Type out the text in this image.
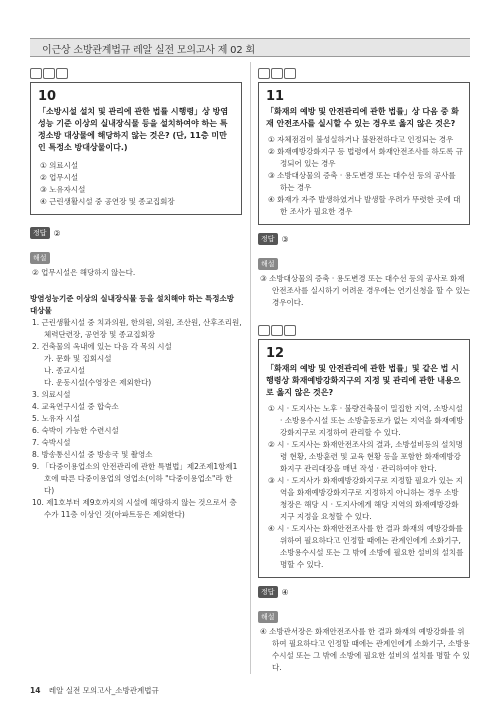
이근상 소방관계법규 레알 실전 모의고사 제 02 회
10
「소방시설 설치 및 관리에 관한 법률 시행령」상 방염성능 기준 이상의 실내장식물 등을 설치하여야 하는 특정소방 대상물에 해당하지 않는 것은? (단, 11층 미만인 특정소 방대상물이다.)
① 의료시설
② 업무시설
③ 노유자시설
④ 근린생활시설 중 공연장 및 종교집회장
정답 ②
해설
② 업무시설은 해당하지 않는다.
방염성능기준 이상의 실내장식물 등을 설치해야 하는 특정소방 대상물
1. 근린생활시설 중 치과의원, 한의원, 의원, 조산원, 산후조리원, 체력단련장, 공연장 및 종교집회장
2. 건축물의 옥내에 있는 다음 각 목의 시설
가. 문화 및 집회시설
나. 종교시설
다. 운동시설(수영장은 제외한다)
3. 의료시설
4. 교육연구시설 중 합숙소
5. 노유자 시설
6. 숙박이 가능한 수련시설
7. 숙박시설
8. 방송통신시설 중 방송국 및 촬영소
9. 「다중이용업소의 안전관리에 관한 특별법」제2조제1항제1호에 따른 다중이용업의 영업소(이하 "다중이용업소"라 한다)
10. 제1호부터 제9호까지의 시설에 해당하지 않는 것으로서 층수가 11층 이상인 것(아파트등은 제외한다)
11
「화재의 예방 및 안전관리에 관한 법률」상 다음 중 화재 안전조사를 실시할 수 있는 경우로 옳지 않은 것은?
① 자체점검이 불성실하거나 불완전하다고 인정되는 경우
② 화재예방강화지구 등 법령에서 화재안전조사를 하도록 규정되어 있는 경우
③ 소방대상물의 증축 · 용도변경 또는 대수선 등의 공사를 하는 경우
④ 화재가 자주 발생하였거나 발생할 우려가 뚜렷한 곳에 대한 조사가 필요한 경우
정답 ③
해설
③ 소방대상물의 증축 · 용도변경 또는 대수선 등의 공사로 화재 안전조사를 실시하기 어려운 경우에는 연기신청을 할 수 있는 경우이다.
12
「화재의 예방 및 안전관리에 관한 법률」및 같은 법 시행령상 화재예방강화지구의 지정 및 관리에 관한 내용으로 옳지 않은 것은?
① 시 · 도지사는 노후 · 불량건축물이 밀집한 지역, 소방시설 · 소방용수시설 또는 소방출동로가 없는 지역을 화재예방강화지구로 지정하여 관리할 수 있다.
② 시 · 도지사는 화재안전조사의 결과, 소방설비등의 설치명령 현황, 소방훈련 및 교육 현황 등을 포함한 화재예방강화지구 관리대장을 매년 작성 · 관리하여야 한다.
③ 시 · 도지사가 화재예방강화지구로 지정할 필요가 있는 지역을 화재예방강화지구로 지정하지 아니하는 경우 소방청장은 해당 시 · 도지사에게 해당 지역의 화재예방강화지구 지정을 요청할 수 있다.
④ 시 · 도지사는 화재안전조사를 한 결과 화재의 예방강화를 위하여 필요하다고 인정할 때에는 관계인에게 소화기구, 소방용수시설 또는 그 밖에 소방에 필요한 설비의 설치를 명할 수 있다.
정답 ④
해설
④ 소방관서장은 화재안전조사를 한 결과 화재의 예방강화를 위하여 필요하다고 인정할 때에는 관계인에게 소화기구, 소방용수시설 또는 그 밖에 소방에 필요한 설비의 설치를 명할 수 있다.
14 레알 실전 모의고사_소방관계법규
